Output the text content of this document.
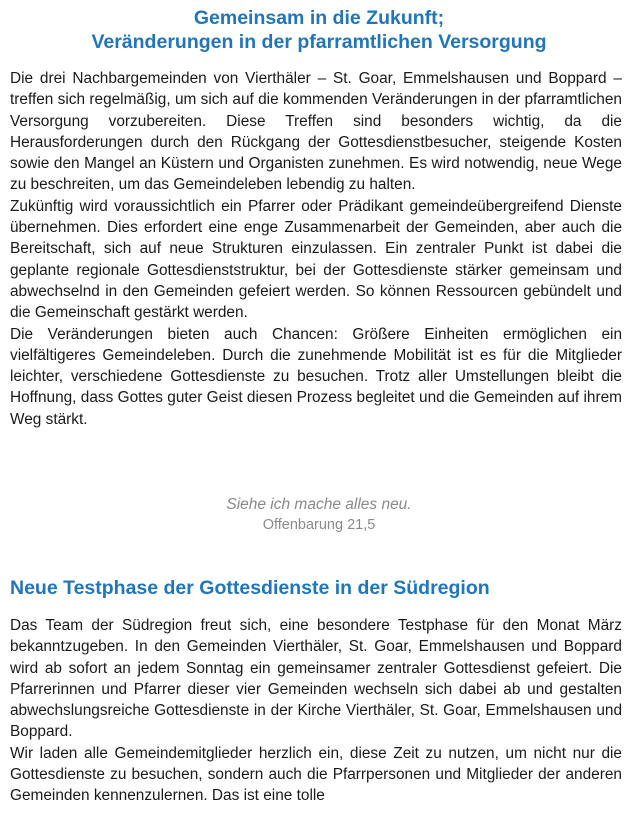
Gemeinsam in die Zukunft;
Veränderungen in der pfarramtlichen Versorgung

Die drei Nachbargemeinden von Vierthäler – St. Goar, Emmelshausen und Boppard – treffen sich regelmäßig, um sich auf die kommenden Veränderungen in der pfarramtlichen Versorgung vorzubereiten. Diese Treffen sind besonders wichtig, da die Herausforderungen durch den Rückgang der Gottesdienstbesucher, steigende Kosten sowie den Mangel an Küstern und Organisten zunehmen. Es wird notwendig, neue Wege zu beschreiten, um das Gemeindeleben lebendig zu halten.

Zukünftig wird voraussichtlich ein Pfarrer oder Prädikant gemeindeübergreifend Dienste übernehmen. Dies erfordert eine enge Zusammenarbeit der Gemeinden, aber auch die Bereitschaft, sich auf neue Strukturen einzulassen. Ein zentraler Punkt ist dabei die geplante regionale Gottesdienststruktur, bei der Gottesdienste stärker gemeinsam und abwechselnd in den Gemeinden gefeiert werden. So können Ressourcen gebündelt und die Gemeinschaft gestärkt werden.

Die Veränderungen bieten auch Chancen: Größere Einheiten ermöglichen ein vielfältigeres Gemeindeleben. Durch die zunehmende Mobilität ist es für die Mitglieder leichter, verschiedene Gottesdienste zu besuchen. Trotz aller Umstellungen bleibt die Hoffnung, dass Gottes guter Geist diesen Prozess begleitet und die Gemeinden auf ihrem Weg stärkt.

Siehe ich mache alles neu.
Offenbarung 21,5
Neue Testphase der Gottesdienste in der Südregion

Das Team der Südregion freut sich, eine besondere Testphase für den Monat März bekanntzugeben. In den Gemeinden Vierthäler, St. Goar, Emmelshausen und Boppard wird ab sofort an jedem Sonntag ein gemeinsamer zentraler Gottesdienst gefeiert. Die Pfarrerinnen und Pfarrer dieser vier Gemeinden wechseln sich dabei ab und gestalten abwechslungsreiche Gottesdienste in der Kirche Vierthäler, St. Goar, Emmelshausen und Boppard.

Wir laden alle Gemeindemitglieder herzlich ein, diese Zeit zu nutzen, um nicht nur die Gottesdienste zu besuchen, sondern auch die Pfarrpersonen und Mitglieder der anderen Gemeinden kennenzulernen. Das ist eine tolle
